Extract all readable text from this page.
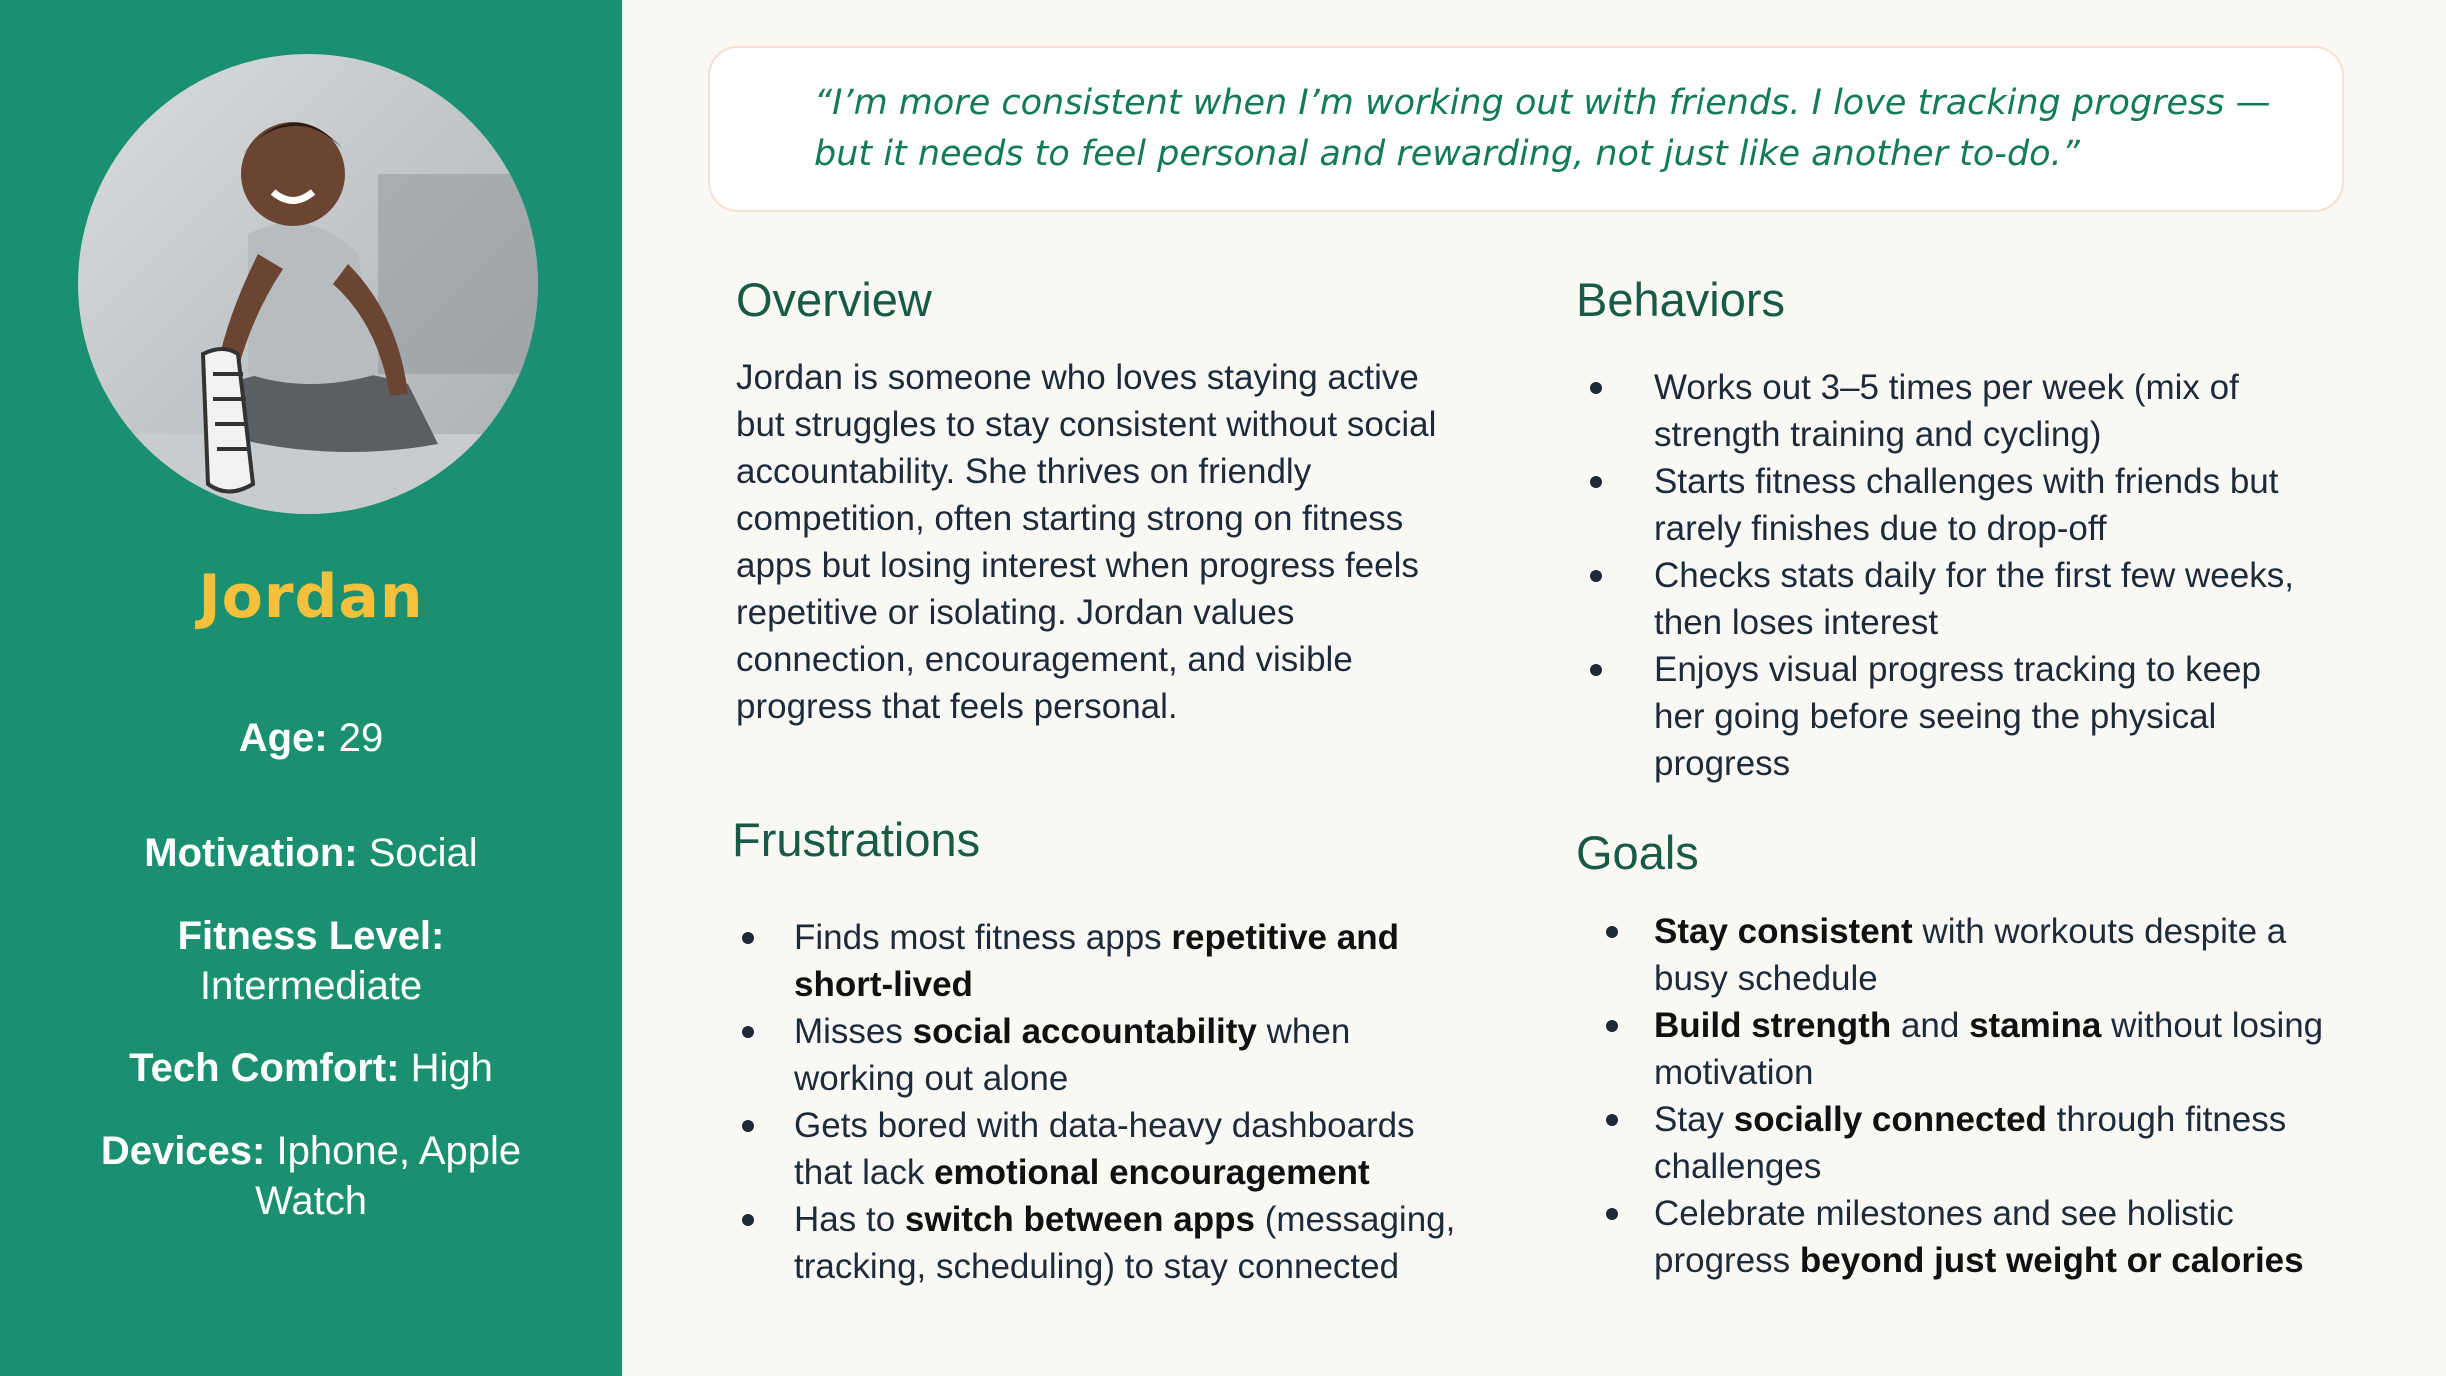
Jordan
Age: 29
Motivation: Social
Fitness Level:
Intermediate
Tech Comfort: High
Devices: Iphone, Apple Watch
“I’m more consistent when I’m working out with friends. I love tracking progress — but it needs to feel personal and rewarding, not just like another to-do.”
Overview
Jordan is someone who loves staying active but struggles to stay consistent without social accountability. She thrives on friendly competition, often starting strong on fitness apps but losing interest when progress feels repetitive or isolating. Jordan values connection, encouragement, and visible progress that feels personal.
Frustrations
Finds most fitness apps repetitive and short-lived
Misses social accountability when working out alone
Gets bored with data-heavy dashboards that lack emotional encouragement
Has to switch between apps (messaging, tracking, scheduling) to stay connected
Behaviors
Works out 3–5 times per week (mix of strength training and cycling)
Starts fitness challenges with friends but rarely finishes due to drop-off
Checks stats daily for the first few weeks, then loses interest
Enjoys visual progress tracking to keep her going before seeing the physical progress
Goals
Stay consistent with workouts despite a busy schedule
Build strength and stamina without losing motivation
Stay socially connected through fitness challenges
Celebrate milestones and see holistic progress beyond just weight or calories
